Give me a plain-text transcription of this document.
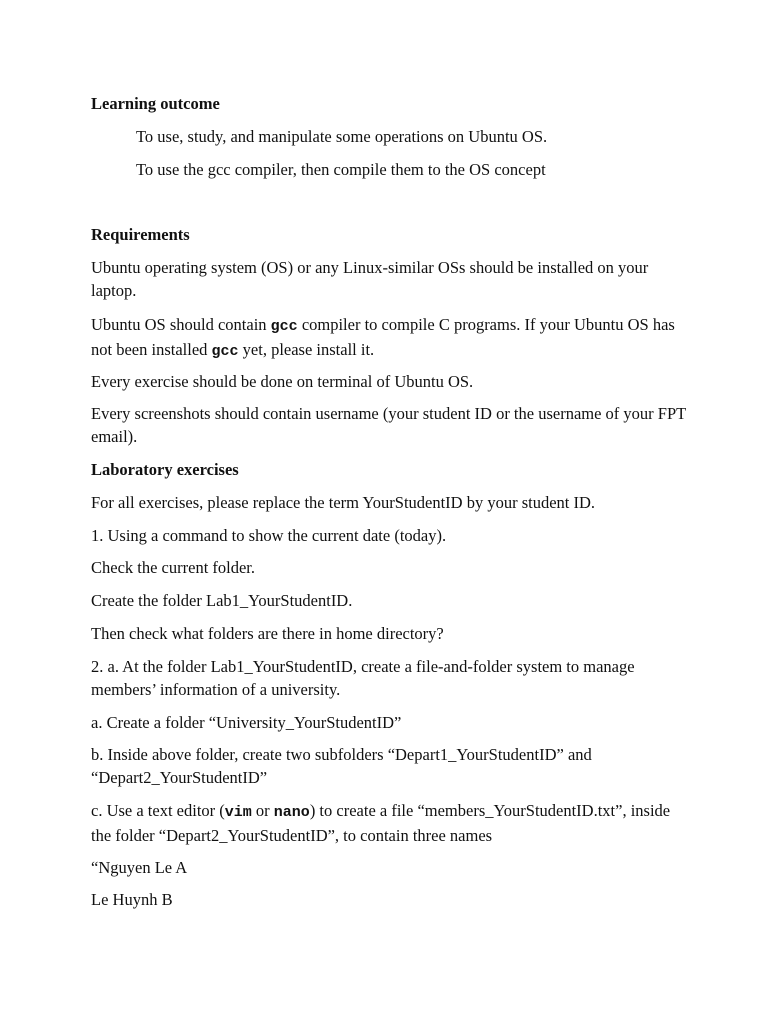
Learning outcome

To use, study, and manipulate some operations on Ubuntu OS.

To use the gcc compiler, then compile them to the OS concept

Requirements

Ubuntu operating system (OS) or any Linux-similar OSs should be installed on your laptop.

Ubuntu OS should contain gcc compiler to compile C programs. If your Ubuntu OS has not been installed gcc yet, please install it.

Every exercise should be done on terminal of Ubuntu OS.

Every screenshots should contain username (your student ID or the username of your FPT email).

Laboratory exercises

For all exercises, please replace the term YourStudentID by your student ID.

1. Using a command to show the current date (today).

Check the current folder.

Create the folder Lab1_YourStudentID.

Then check what folders are there in home directory?

2. a. At the folder Lab1_YourStudentID, create a file-and-folder system to manage members’ information of a university.

a. Create a folder “University_YourStudentID”

b. Inside above folder, create two subfolders “Depart1_YourStudentID” and “Depart2_YourStudentID”

c. Use a text editor (vim or nano) to create a file “members_YourStudentID.txt”, inside the folder “Depart2_YourStudentID”, to contain three names

“Nguyen Le A

Le Huynh B
